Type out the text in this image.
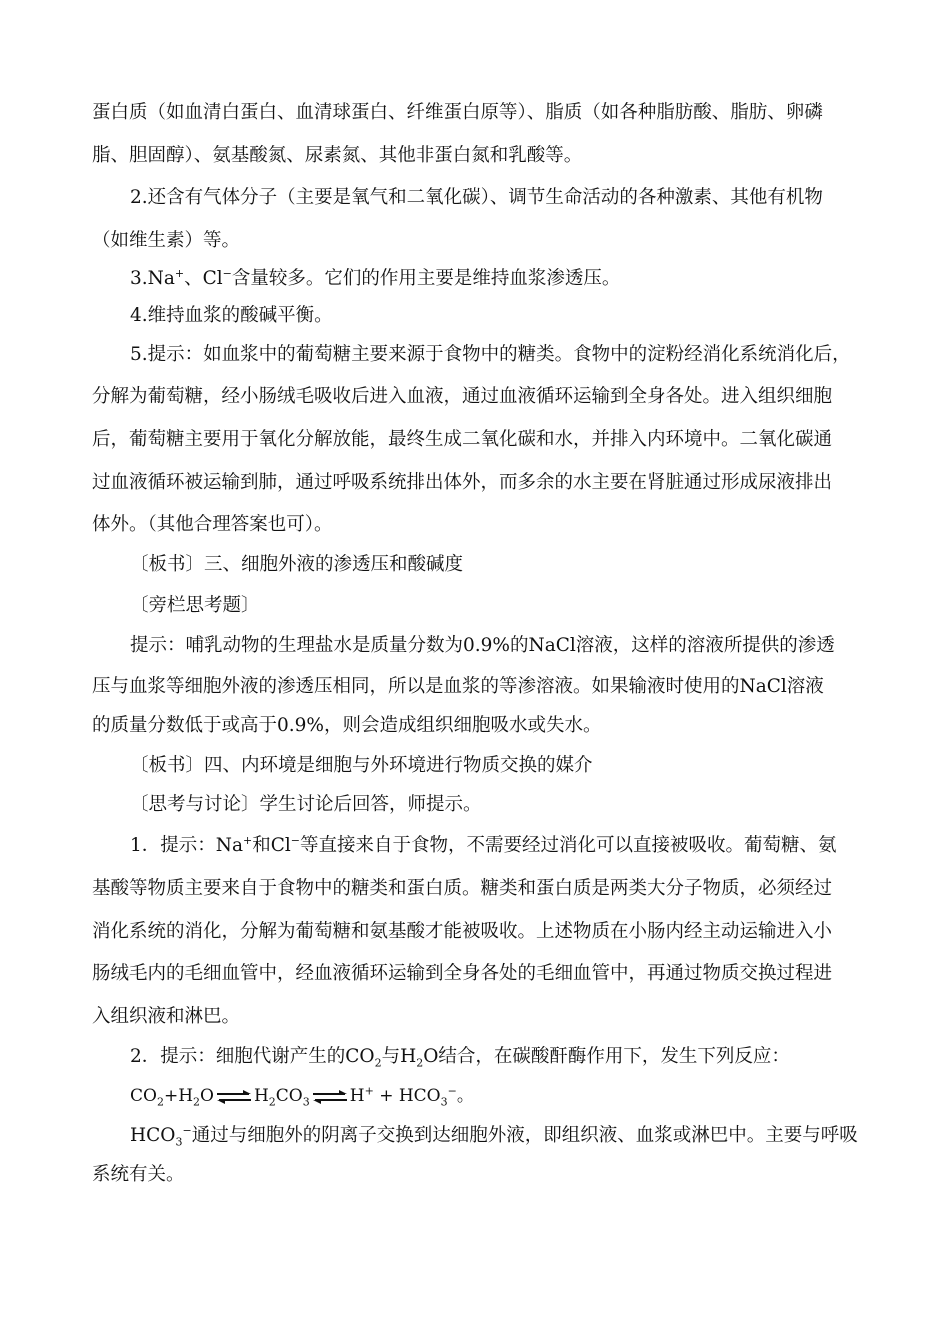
蛋白质（如血清白蛋白、血清球蛋白、纤维蛋白原等）、脂质（如各种脂肪酸、脂肪、卵磷
脂、胆固醇）、氨基酸氮、尿素氮、其他非蛋白氮和乳酸等。
2.还含有气体分子（主要是氧气和二氧化碳）、调节生命活动的各种激素、其他有机物
（如维生素）等。
3.Na+、Cl−含量较多。它们的作用主要是维持血浆渗透压。
4.维持血浆的酸碱平衡。
5.提示：如血浆中的葡萄糖主要来源于食物中的糖类。食物中的淀粉经消化系统消化后，
分解为葡萄糖，经小肠绒毛吸收后进入血液，通过血液循环运输到全身各处。进入组织细胞
后，葡萄糖主要用于氧化分解放能，最终生成二氧化碳和水，并排入内环境中。二氧化碳通
过血液循环被运输到肺，通过呼吸系统排出体外，而多余的水主要在肾脏通过形成尿液排出
体外。（其他合理答案也可）。
〔板书〕三、细胞外液的渗透压和酸碱度
〔旁栏思考题〕
提示：哺乳动物的生理盐水是质量分数为0.9%的NaCl溶液，这样的溶液所提供的渗透
压与血浆等细胞外液的渗透压相同，所以是血浆的等渗溶液。如果输液时使用的NaCl溶液
的质量分数低于或高于0.9%，则会造成组织细胞吸水或失水。
〔板书〕四、内环境是细胞与外环境进行物质交换的媒介
〔思考与讨论〕学生讨论后回答，师提示。
1．提示：Na+和Cl−等直接来自于食物，不需要经过消化可以直接被吸收。葡萄糖、氨
基酸等物质主要来自于食物中的糖类和蛋白质。糖类和蛋白质是两类大分子物质，必须经过
消化系统的消化，分解为葡萄糖和氨基酸才能被吸收。上述物质在小肠内经主动运输进入小
肠绒毛内的毛细血管中，经血液循环运输到全身各处的毛细血管中，再通过物质交换过程进
入组织液和淋巴。
2．提示：细胞代谢产生的$CO_2$与$H_2O$结合，在碳酸酐酶作用下，发生下列反应：
$CO_2+H_2O$ ⇌ $H_2CO_3$ ⇌ $H^+ + HCO_3^-$。
$HCO_3^-$通过与细胞外的阴离子交换到达细胞外液，即组织液、血浆或淋巴中。主要与呼吸
系统有关。
